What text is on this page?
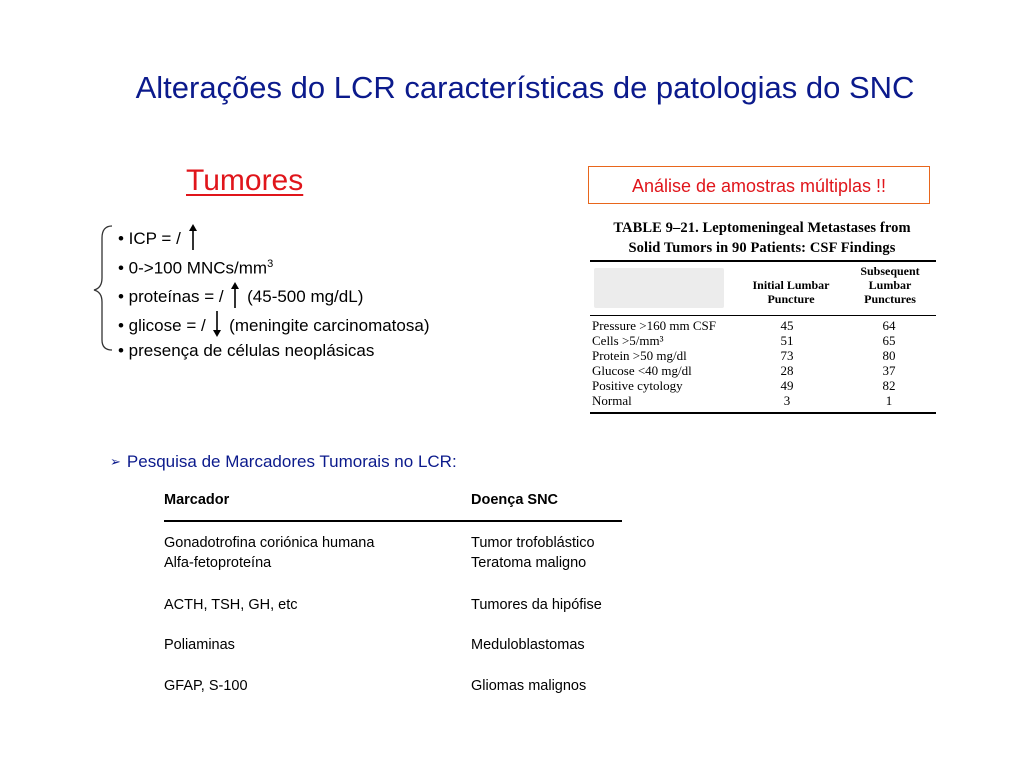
Alterações do LCR características de patologias do SNC
Tumores
• ICP = /
• 0->100 MNCs/$mm^3$
• proteínas = / (45-500 mg/dL)
• glicose = / (meningite carcinomatosa)
• presença de células neoplásicas
Análise de amostras múltiplas !!
TABLE 9–21. Leptomeningeal Metastases from
Solid Tumors in 90 Patients: CSF Findings
Initial Lumbar
Puncture
Subsequent
Lumbar
Punctures
Pressure >160 mm CSF	45	64
Cells >5/mm³	51	65
Protein >50 mg/dl	73	80
Glucose <40 mg/dl	28	37
Positive cytology	49	82
Normal	3	1
➢ Pesquisa de Marcadores Tumorais no LCR:
Marcador	Doença SNC
Gonadotrofina coriónica humana	Tumor trofoblástico
Alfa-fetoproteína	Teratoma maligno
ACTH, TSH, GH, etc	Tumores da hipófise
Poliaminas	Meduloblastomas
GFAP, S-100	Gliomas malignos
